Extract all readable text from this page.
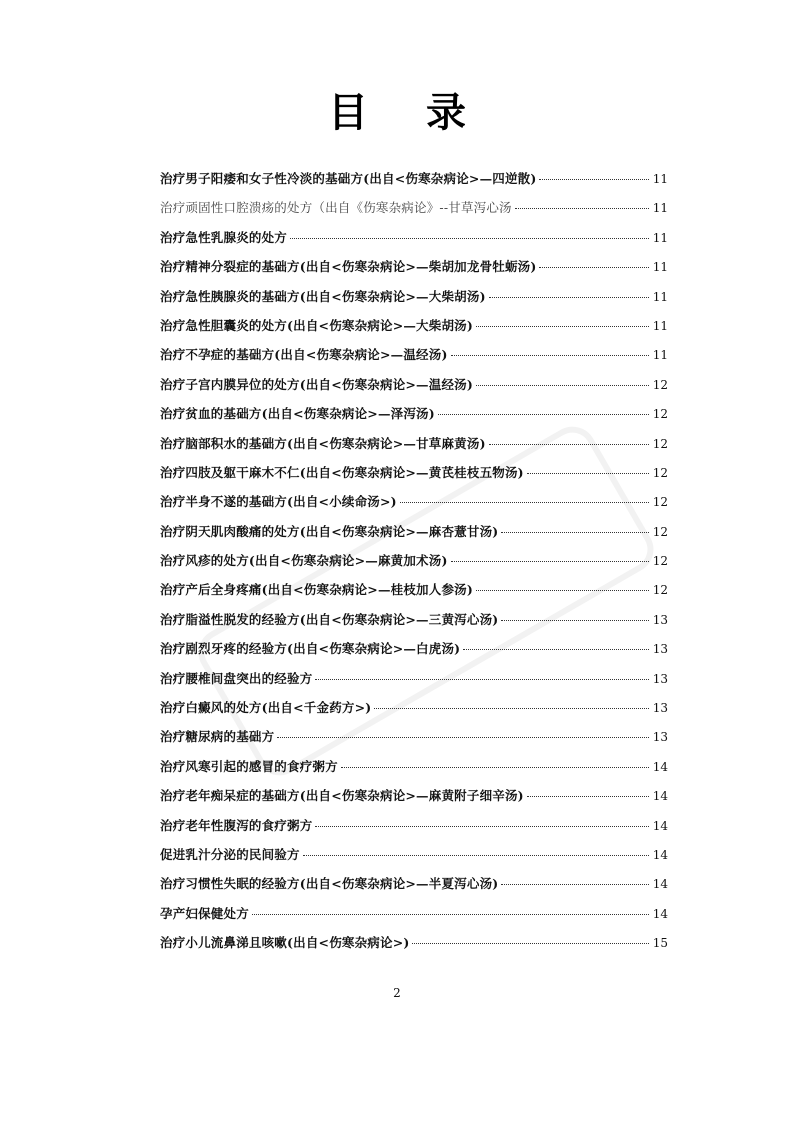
目 录
治疗男子阳痿和女子性冷淡的基础方(出自<伤寒杂病论>—四逆散)	11
治疗顽固性口腔溃疡的处方（出自《伤寒杂病论》--甘草泻心汤	11
治疗急性乳腺炎的处方	11
治疗精神分裂症的基础方(出自<伤寒杂病论>—柴胡加龙骨牡蛎汤)	11
治疗急性胰腺炎的基础方(出自<伤寒杂病论>—大柴胡汤)	11
治疗急性胆囊炎的处方(出自<伤寒杂病论>—大柴胡汤)	11
治疗不孕症的基础方(出自<伤寒杂病论>—温经汤)	11
治疗子宫内膜异位的处方(出自<伤寒杂病论>—温经汤)	12
治疗贫血的基础方(出自<伤寒杂病论>—泽泻汤)	12
治疗脑部积水的基础方(出自<伤寒杂病论>—甘草麻黄汤)	12
治疗四肢及躯干麻木不仁(出自<伤寒杂病论>—黄芪桂枝五物汤)	12
治疗半身不遂的基础方(出自<小续命汤>)	12
治疗阴天肌肉酸痛的处方(出自<伤寒杂病论>—麻杏薏甘汤)	12
治疗风疹的处方(出自<伤寒杂病论>—麻黄加术汤)	12
治疗产后全身疼痛(出自<伤寒杂病论>—桂枝加人参汤)	12
治疗脂溢性脱发的经验方(出自<伤寒杂病论>—三黄泻心汤)	13
治疗剧烈牙疼的经验方(出自<伤寒杂病论>—白虎汤)	13
治疗腰椎间盘突出的经验方	13
治疗白癜风的处方(出自<千金药方>)	13
治疗糖尿病的基础方	13
治疗风寒引起的感冒的食疗粥方	14
治疗老年痴呆症的基础方(出自<伤寒杂病论>—麻黄附子细辛汤)	14
治疗老年性腹泻的食疗粥方	14
促进乳汁分泌的民间验方	14
治疗习惯性失眠的经验方(出自<伤寒杂病论>—半夏泻心汤)	14
孕产妇保健处方	14
治疗小儿流鼻涕且咳嗽(出自<伤寒杂病论>)	15
2
